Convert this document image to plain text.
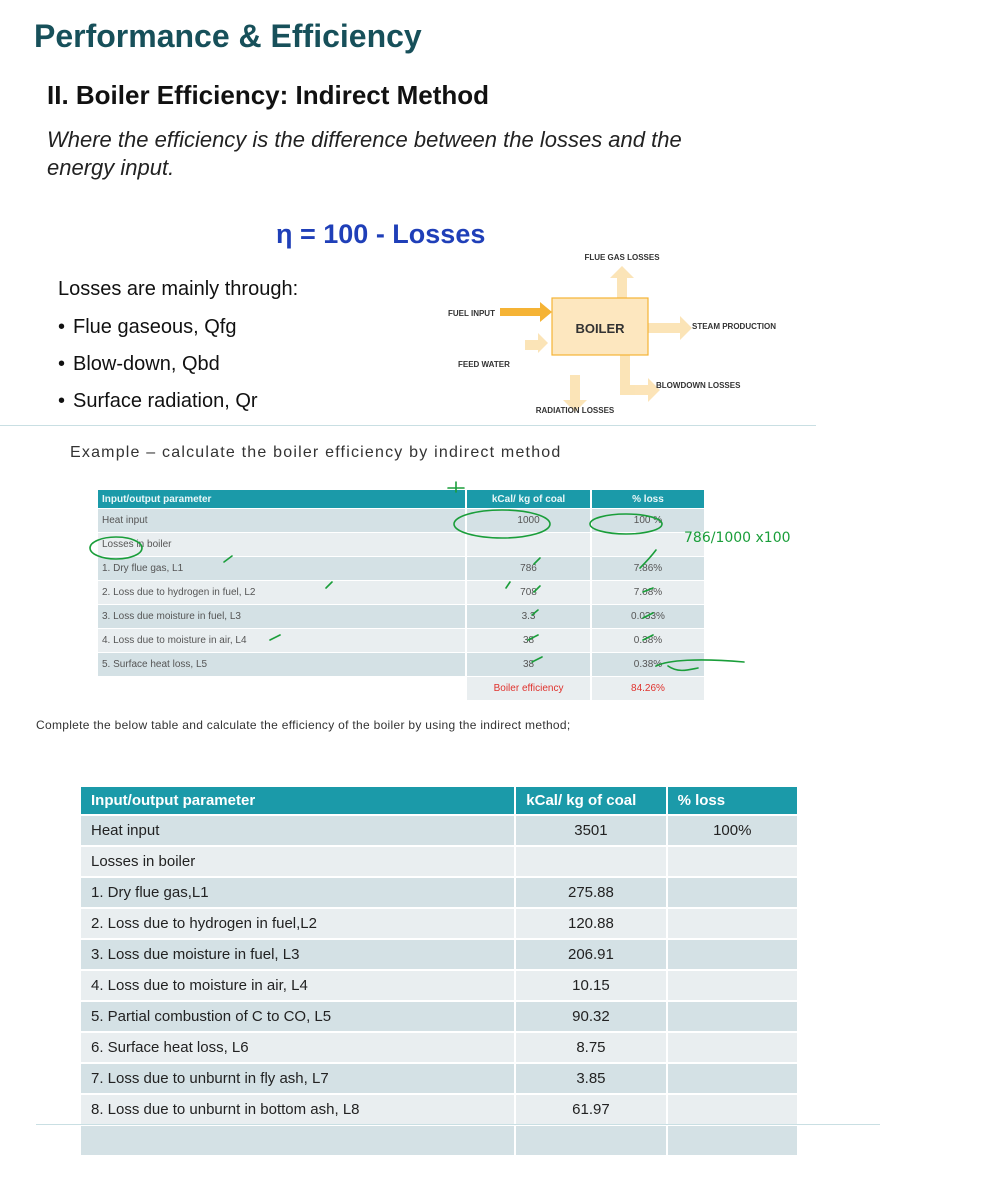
Performance & Efficiency
II. Boiler Efficiency: Indirect Method
Where the efficiency is the difference between the losses and the energy input.
η = 100 - Losses
Losses are mainly through:
• Flue gaseous, Qfg
• Blow-down, Qbd
• Surface radiation, Qr
BOILER
FLUE GAS LOSSES
FUEL INPUT
FEED WATER
STEAM PRODUCTION
BLOWDOWN LOSSES
RADIATION LOSSES
Example – calculate the boiler efficiency by indirect method
Input/output parameter	kCal/ kg of coal	% loss
Heat input	1000	100 %
Losses in boiler		
1. Dry flue gas, L1	786	7.86%
2. Loss due to hydrogen in fuel, L2	708	7.08%
3. Loss due moisture in fuel, L3	3.3	0.033%
4. Loss due to moisture in air, L4	38	0.38%
5. Surface heat loss, L5	38	0.38%
	Boiler efficiency	84.26%
786/1000 x100
Complete the below table and calculate the efficiency of the boiler by using the indirect method;
Input/output parameter	kCal/ kg of coal	% loss
Heat input	3501	100%
Losses in boiler		
1. Dry flue gas,L1	275.88	
2. Loss due to hydrogen in fuel,L2	120.88	
3. Loss due moisture in fuel, L3	206.91	
4. Loss due to moisture in air, L4	10.15	
5. Partial combustion of C to CO, L5	90.32	
6. Surface heat loss, L6	8.75	
7. Loss due to unburnt in fly ash, L7	3.85	
8. Loss due to unburnt in bottom ash, L8	61.97	
